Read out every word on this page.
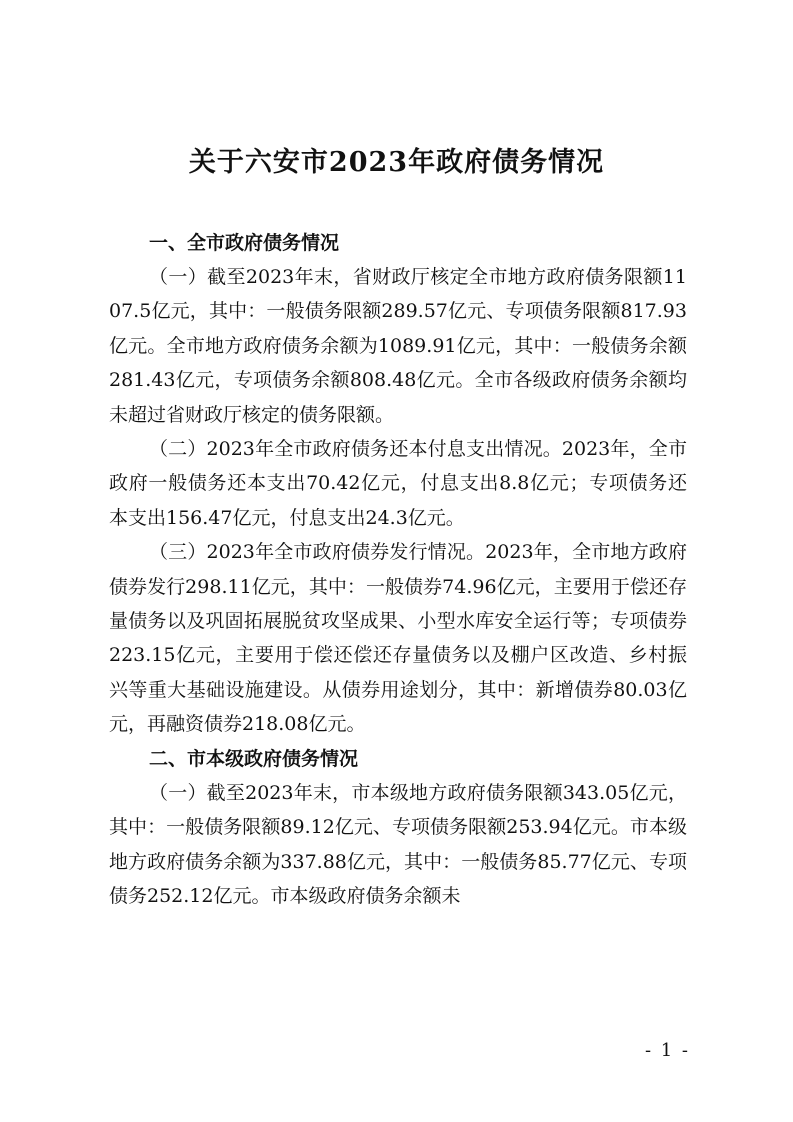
关于六安市2023年政府债务情况
一、全市政府债务情况

（一）截至2023年末，省财政厅核定全市地方政府债务限额1107.5亿元，其中：一般债务限额289.57亿元、专项债务限额817.93亿元。全市地方政府债务余额为1089.91亿元，其中：一般债务余额281.43亿元，专项债务余额808.48亿元。全市各级政府债务余额均未超过省财政厅核定的债务限额。

（二）2023年全市政府债务还本付息支出情况。2023年，全市政府一般债务还本支出70.42亿元，付息支出8.8亿元；专项债务还本支出156.47亿元，付息支出24.3亿元。

（三）2023年全市政府债券发行情况。2023年，全市地方政府债券发行298.11亿元，其中：一般债券74.96亿元，主要用于偿还存量债务以及巩固拓展脱贫攻坚成果、小型水库安全运行等；专项债券223.15亿元，主要用于偿还偿还存量债务以及棚户区改造、乡村振兴等重大基础设施建设。从债券用途划分，其中：新增债券80.03亿元，再融资债券218.08亿元。

二、市本级政府债务情况

（一）截至2023年末，市本级地方政府债务限额343.05亿元，其中：一般债务限额89.12亿元、专项债务限额253.94亿元。市本级地方政府债务余额为337.88亿元，其中：一般债务85.77亿元、专项债务252.12亿元。市本级政府债务余额未

- 1 -
